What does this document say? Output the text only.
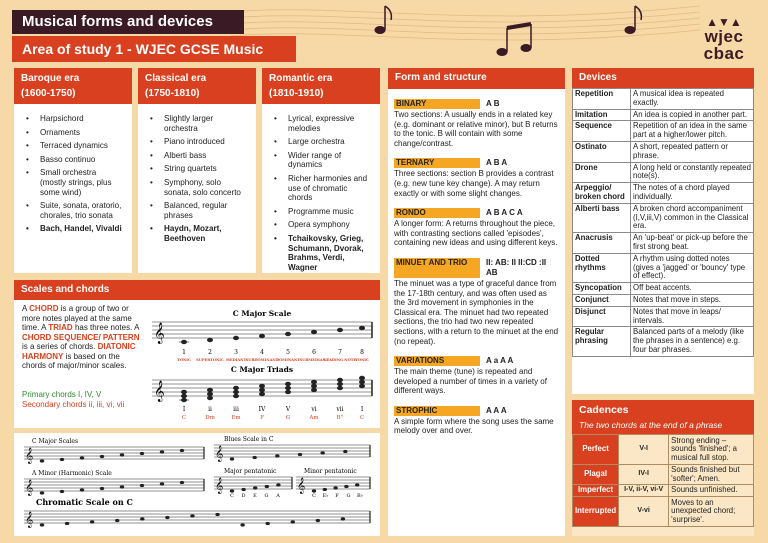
Musical forms and devices
Area of study 1 - WJEC GCSE Music
▲▼▲
wjec
cbac
Baroque era
(1600-1750)
• Harpsichord
• Ornaments
• Terraced dynamics
• Basso continuo
• Small orchestra (mostly strings, plus some wind)
• Suite, sonata, oratorio, chorales, trio sonata
• Bach, Handel, Vivaldi
Classical era
(1750-1810)
• Slightly larger orchestra
• Piano introduced
• Alberti bass
• String quartets
• Symphony, solo sonata, solo concerto
• Balanced, regular phrases
• Haydn, Mozart, Beethoven
Romantic era
(1810-1910)
• Lyrical, expressive melodies
• Large orchestra
• Wider range of dynamics
• Richer harmonies and use of chromatic chords
• Programme music
• Opera symphony
• Tchaikovsky, Grieg, Schumann, Dvorak, Brahms, Verdi, Wagner
Form and structure
BINARY	A B
Two sections: A usually ends in a related key (e.g. dominant or relative minor), but B returns to the tonic. B will contain with some change/contrast.
TERNARY	A B A
Three sections: section B provides a contrast (e.g. new tune key change). A may return exactly or with some slight changes.
RONDO	A B A C A
A longer form: A returns throughout the piece, with contrasting sections called 'episodes', containing new ideas and using different keys.
MINUET AND TRIO	II: AB: II II:CD :II AB
The minuet was a type of graceful dance from the 17-18th century, and was often used as the 3rd movement in symphonies in the Classical era. The minuet had two repeated sections, the trio had two new repeated sections, with a return to the minuet at the end (no repeat).
VARIATIONS	A a A A
The main theme (tune) is repeated and developed a number of times in a variety of different ways.
STROPHIC	A A A
A simple form where the song uses the same melody over and over.
Devices
Repetition	A musical idea is repeated exactly.
Imitation	An idea is copied in another part.
Sequence	Repetition of an idea in the same part at a higher/lower pitch.
Ostinato	A short, repeated pattern or phrase.
Drone	A long held or constantly repeated note(s).
Arpeggio/ broken chord	The notes of a chord played individually.
Alberti bass	A broken chord accompaniment (I,V,iii,V) common in the Classical era.
Anacrusis	An 'up-beat' or pick-up before the first strong beat.
Dotted rhythms	A rhythm using dotted notes (gives a 'jagged' or 'bouncy' type of effect).
Syncopation	Off beat accents.
Conjunct	Notes that move in steps.
Disjunct	Notes that move in leaps/ intervals.
Regular phrasing	Balanced parts of a melody (like the phrases in a sentence) e.g. four bar phrases.
Cadences
The two chords at the end of a phrase
Perfect	V-I	Strong ending – sounds 'finished'; a musical full stop.
Plagal	IV-I	Sounds finished but 'softer'; Amen.
Imperfect	I-V, ii-V, vi-V	Sounds unfinished.
Interrupted	V-vi	Moves to an unexpected chord; 'surprise'.
Scales and chords
A CHORD is a group of two or more notes played at the same time. A TRIAD has three notes. A CHORD SEQUENCE/ PATTERN is a series of chords. DIATONIC HARMONY is based on the chords of major/minor scales.
Primary chords I, IV, V
Secondary chords ii, iii, vi, vii
C Major Scale
𝄞
1	2	3	4	5	6	7	8
TONIC SUPERTONIC MEDIANT SUBDOMINANT
DOMINANT SUBMEDIANT
LEADING NOTE TONIC
C Major Triads
𝄞
I	ii	iii	IV	V	vi	vii	I
C	Dm	Em	F	G	Am	B°	C
C Major Scales	Blues Scale in C
A Minor (Harmonic) Scale	Major pentatonic	Minor pentatonic
Chromatic Scale on C
𝄞	𝄞
𝄞	𝄞	𝄞
𝄞
C D E G A	C E♭ F G B♭
